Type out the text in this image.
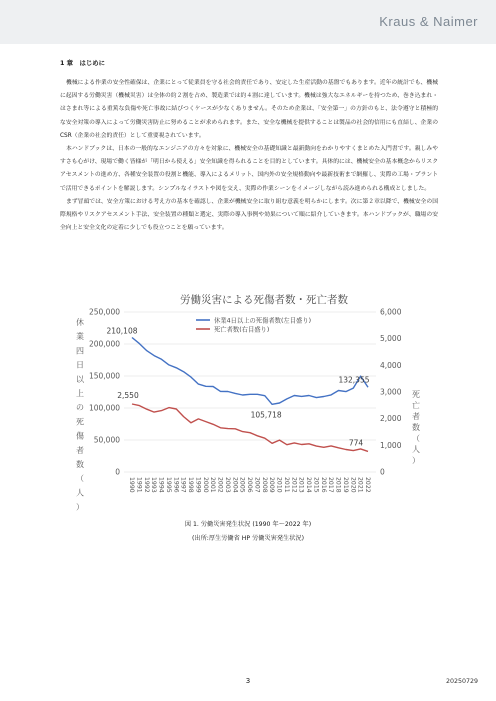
Kraus & Naimer
1 章　はじめに

機械による作業の安全性確保は、企業にとって従業員を守る社会的責任であり、安定した生産活動の基盤でもあります。近年の統計でも、機械に起因する労働災害（機械災害）は全体の約２割を占め、製造業では約４割に達しています。機械は強大なエネルギーを持つため、巻き込まれ・はさまれ等による重篤な負傷や死亡事故に結びつくケースが少なくありません。そのため企業は、「安全第一」の方針のもと、法令遵守と積極的な安全対策の導入によって労働災害防止に努めることが求められます。また、安全な機械を提供することは製品の社会的信用にも直結し、企業の CSR（企業の社会的責任）として重要視されています。

本ハンドブックは、日本の一般的なエンジニアの方々を対象に、機械安全の基礎知識と最新動向をわかりやすくまとめた入門書です。親しみやすさも心がけ、現場で働く皆様が「明日から使える」安全知識を得られることを目的としています。具体的には、機械安全の基本概念からリスクアセスメントの進め方、各種安全装置の役割と機能、導入によるメリット、国内外の安全規格動向や最新技術まで網羅し、実際の工場・プラントで活用できるポイントを解説します。シンプルなイラストや図を交え、実際の作業シーンをイメージしながら読み進められる構成としました。

まず冒頭では、安全方策における考え方の基本を確認し、企業が機械安全に取り組む意義を明らかにします。次に第２章以降で、機械安全の国際規格やリスクアセスメント手法、安全装置の種類と選定、実際の導入事例や効果について順に紹介していきます。本ハンドブックが、職場の安全向上と安全文化の定着に少しでも役立つことを願っています。

労働災害による死傷者数・死亡者数
0
50,000
100,000
150,000
200,000
250,000
0
1,000
2,000
3,000
4,000
5,000
6,000
1990 1991 1992 1993 1994 1995 1996 1997 1998 1999 2000 2001 2002 2003 2004 2005 2006 2007 2008 2009 2010 2011 2012 2013 2014 2015 2016 2017 2018 2019 2020 2021 2022
休
業
四
日
以
上
の
死
傷
者
数
（
人
）
死
亡
者
数
（
人
）
休業4日以上の死傷者数(左目盛り)
死亡者数(右目盛り)
210,108
2,550
105,718
132,355
774
図 1. 労働災害発生状況 (1990 年～2022 年)
(出所:厚生労働省 HP 労働災害発生状況)
3	20250729
